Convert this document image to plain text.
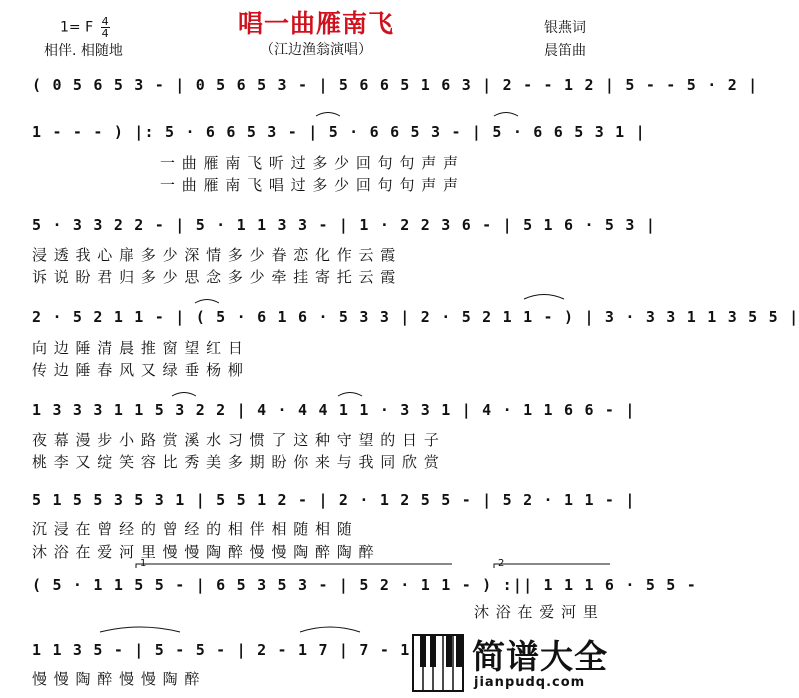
1= F $\frac{4}{4}$
相伴. 相随地
唱一曲雁南飞
（江边渔翁演唱）
银燕词
晨笛曲
( 0 5 6 5 3 - | 0 5 6 5 3 - | 5 6 6 5 1 6 3 | 2 - - 1 2 | 5 - - 5 · 2 |
1 - - - ) |: 5 · 6 6 5 3 - | 5 · 6 6 5 3 - | 5 · 6 6 5 3 1 |
一 曲 雁 南 飞 听 过 多 少 回 句 句 声 声
一 曲 雁 南 飞 唱 过 多 少 回 句 句 声 声
5 · 3 3 2 2 - | 5 · 1 1 3 3 - | 1 · 2 2 3 6 - | 5 1 6 · 5 3 |
浸 透 我 心 扉 多 少 深 情 多 少 眷 恋 化 作 云 霞
诉 说 盼 君 归 多 少 思 念 多 少 牵 挂 寄 托 云 霞
2 · 5 2 1 1 - | ( 5 · 6 1 6 · 5 3 3 | 2 · 5 2 1 1 - ) | 3 · 3 3 1 1 3 5 5 |
向 边 陲 清 晨 推 窗 望 红 日
传 边 陲 春 风 又 绿 垂 杨 柳
1 3 3 3 1 1 5 3 2 2 | 4 · 4 4 1 1 · 3 3 1 | 4 · 1 1 6 6 - |
夜 幕 漫 步 小 路 赏 溪 水 习 惯 了 这 种 守 望 的 日 子
桃 李 又 绽 笑 容 比 秀 美 多 期 盼 你 来 与 我 同 欣 赏
5 1 5 5 3 5 3 1 | 5 5 1 2 - | 2 · 1 2 5 5 - | 5 2 · 1 1 - |
沉 浸 在 曾 经 的 曾 经 的 相 伴 相 随 相 随
沐 浴 在 爱 河 里 慢 慢 陶 醉 慢 慢 陶 醉 陶 醉
( 5 · 1 1 5 5 - | 6 5 3 5 3 - | 5 2 · 1 1 - ) :|| 1 1 1 6 · 5 5 -
沐 浴 在 爱 河 里
1	2
1 1 3 5 - | 5 - 5 - | 2 - 1 7 | 7 - 1
慢 慢 陶 醉 慢 慢 陶 醉
简谱大全
jianpudq.com
